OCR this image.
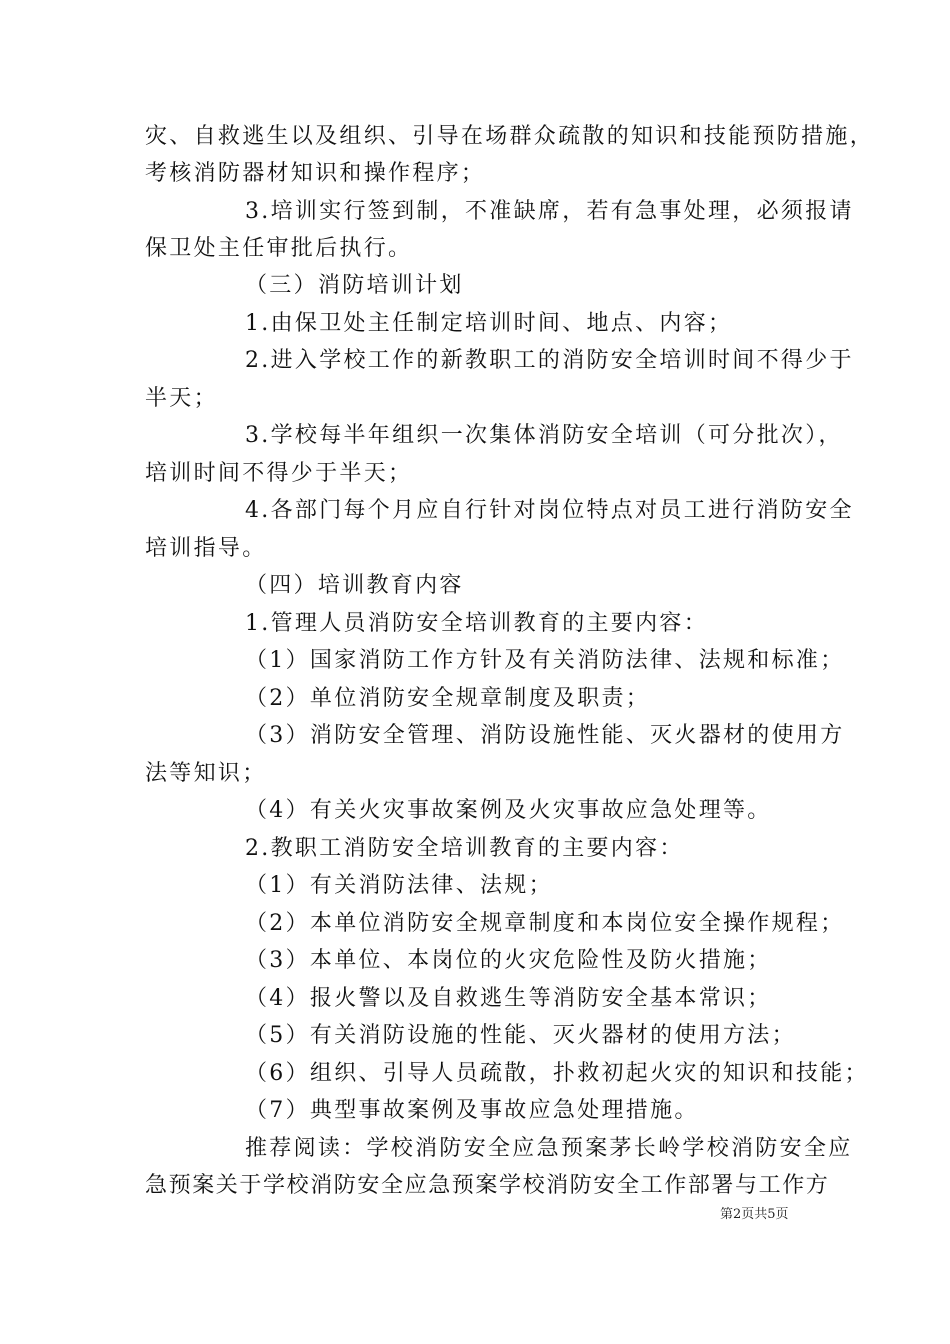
灾、自救逃生以及组织、引导在场群众疏散的知识和技能预防措施，
考核消防器材知识和操作程序；
3.培训实行签到制，不准缺席，若有急事处理，必须报请
保卫处主任审批后执行。
（三）消防培训计划
1.由保卫处主任制定培训时间、地点、内容；
2.进入学校工作的新教职工的消防安全培训时间不得少于
半天；
3.学校每半年组织一次集体消防安全培训（可分批次），
培训时间不得少于半天；
4.各部门每个月应自行针对岗位特点对员工进行消防安全
培训指导。
（四）培训教育内容
1.管理人员消防安全培训教育的主要内容：
（1）国家消防工作方针及有关消防法律、法规和标准；
（2）单位消防安全规章制度及职责；
（3）消防安全管理、消防设施性能、灭火器材的使用方
法等知识；
（4）有关火灾事故案例及火灾事故应急处理等。
2.教职工消防安全培训教育的主要内容：
（1）有关消防法律、法规；
（2）本单位消防安全规章制度和本岗位安全操作规程；
（3）本单位、本岗位的火灾危险性及防火措施；
（4）报火警以及自救逃生等消防安全基本常识；
（5）有关消防设施的性能、灭火器材的使用方法；
（6）组织、引导人员疏散，扑救初起火灾的知识和技能；
（7）典型事故案例及事故应急处理措施。
推荐阅读：学校消防安全应急预案茅长岭学校消防安全应
急预案关于学校消防安全应急预案学校消防安全工作部署与工作方
第2页共5页
